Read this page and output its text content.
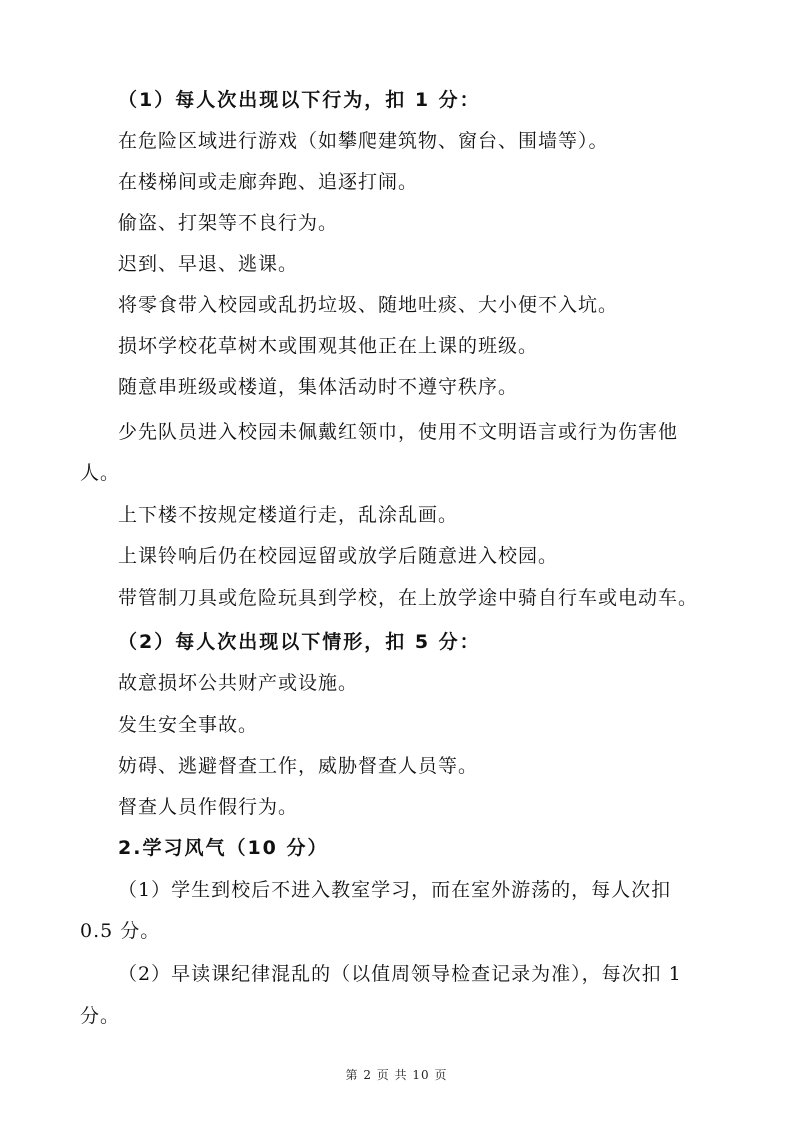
（1）每人次出现以下行为，扣 1 分：
在危险区域进行游戏（如攀爬建筑物、窗台、围墙等）。
在楼梯间或走廊奔跑、追逐打闹。
偷盗、打架等不良行为。
迟到、早退、逃课。
将零食带入校园或乱扔垃圾、随地吐痰、大小便不入坑。
损坏学校花草树木或围观其他正在上课的班级。
随意串班级或楼道，集体活动时不遵守秩序。
少先队员进入校园未佩戴红领巾，使用不文明语言或行为伤害他
人。
上下楼不按规定楼道行走，乱涂乱画。
上课铃响后仍在校园逗留或放学后随意进入校园。
带管制刀具或危险玩具到学校，在上放学途中骑自行车或电动车。
（2）每人次出现以下情形，扣 5 分：
故意损坏公共财产或设施。
发生安全事故。
妨碍、逃避督查工作，威胁督查人员等。
督查人员作假行为。
2.学习风气（10 分）
（1）学生到校后不进入教室学习，而在室外游荡的，每人次扣
0.5 分。
（2）早读课纪律混乱的（以值周领导检查记录为准），每次扣 1
分。
第 2 页 共 10 页
